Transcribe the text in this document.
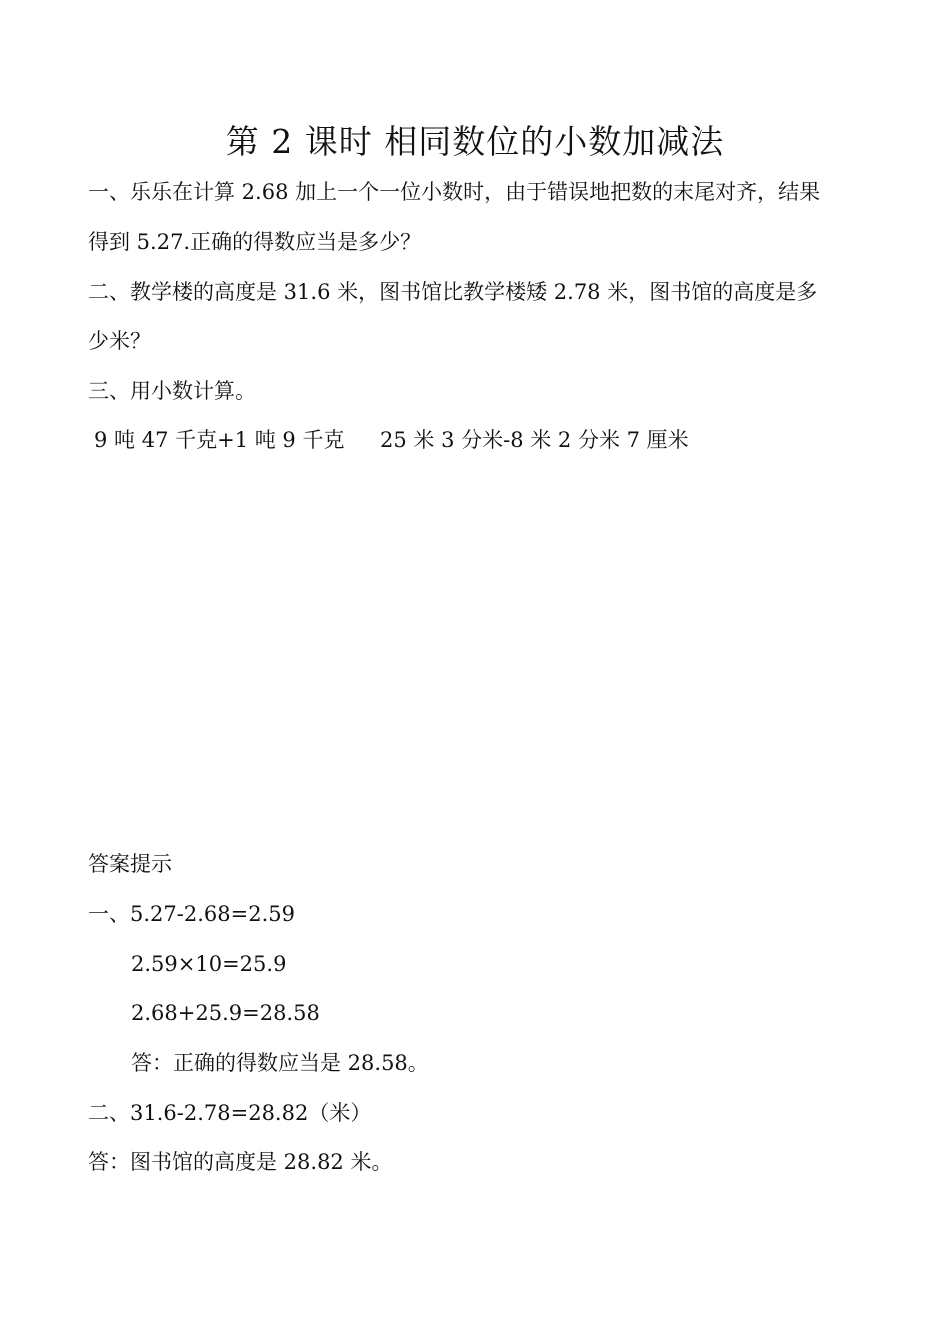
第 2 课时 相同数位的小数加减法
一、乐乐在计算 2.68 加上一个一位小数时，由于错误地把数的末尾对齐，结果
得到 5.27.正确的得数应当是多少？
二、教学楼的高度是 31.6 米，图书馆比教学楼矮 2.78 米，图书馆的高度是多
少米？
三、用小数计算。
9 吨 47 千克+1 吨 9 千克 25 米 3 分米-8 米 2 分米 7 厘米
答案提示
一、5.27-2.68=2.59
2.59×10=25.9
2.68+25.9=28.58
答：正确的得数应当是 28.58。
二、31.6-2.78=28.82（米）
答：图书馆的高度是 28.82 米。
